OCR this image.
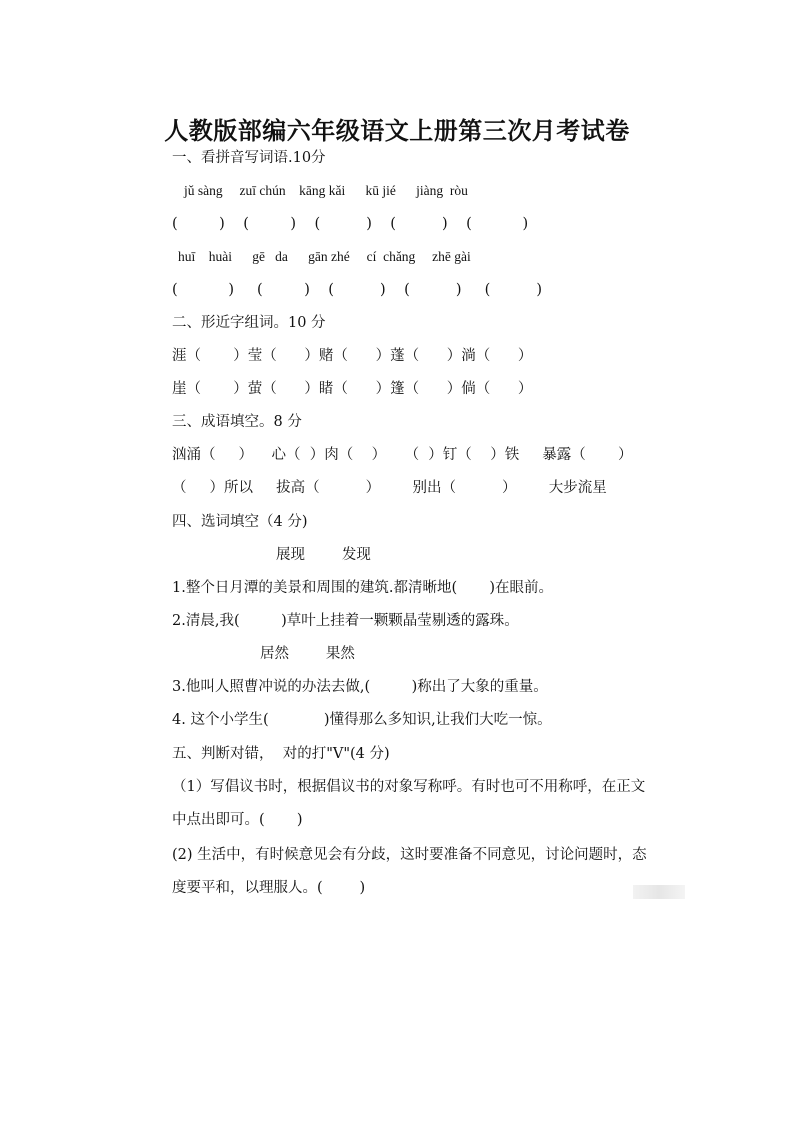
人教版部编六年级语文上册第三次月考试卷
一、看拼音写词语.10分
jǔ sàng     zuī chún    kāng kǎi      kū jié      jiàng  ròu
(         )    (         )    (          )    (          )    (           )
huī    huài      gē   da      gān zhé     cí  chǎng     zhē gài
(           )     (         )    (          )    (          )     (          )
二、形近字组词。10 分
涯（       ）莹（      ）赌（      ）蓬（      ）淌（      ）
崖（       ）萤（      ）睹（      ）篷（      ）倘（      ）
三、成语填空。8 分
汹涌（     ）    心（  ）肉（    ）    （  ）钉（    ）铁     暴露（       ）
（     ）所以     拔高（          ）       别出（          ）       大步流星
四、选词填空（4 分)
展现        发现
1.整个日月潭的美景和周围的建筑.都清晰地(       )在眼前。
2.清晨,我(         )草叶上挂着一颗颗晶莹剔透的露珠。
居然        果然
3.他叫人照曹冲说的办法去做,(         )称出了大象的重量。
4. 这个小学生(            )懂得那么多知识,让我们大吃一惊。
五、判断对错，  对的打"V"(4 分)
（1）写倡议书时，根据倡议书的对象写称呼。有时也可不用称呼，在正文
中点出即可。(       )
(2) 生活中，有时候意见会有分歧，这时要准备不同意见，讨论问题时，态
度要平和，以理服人。(        )
